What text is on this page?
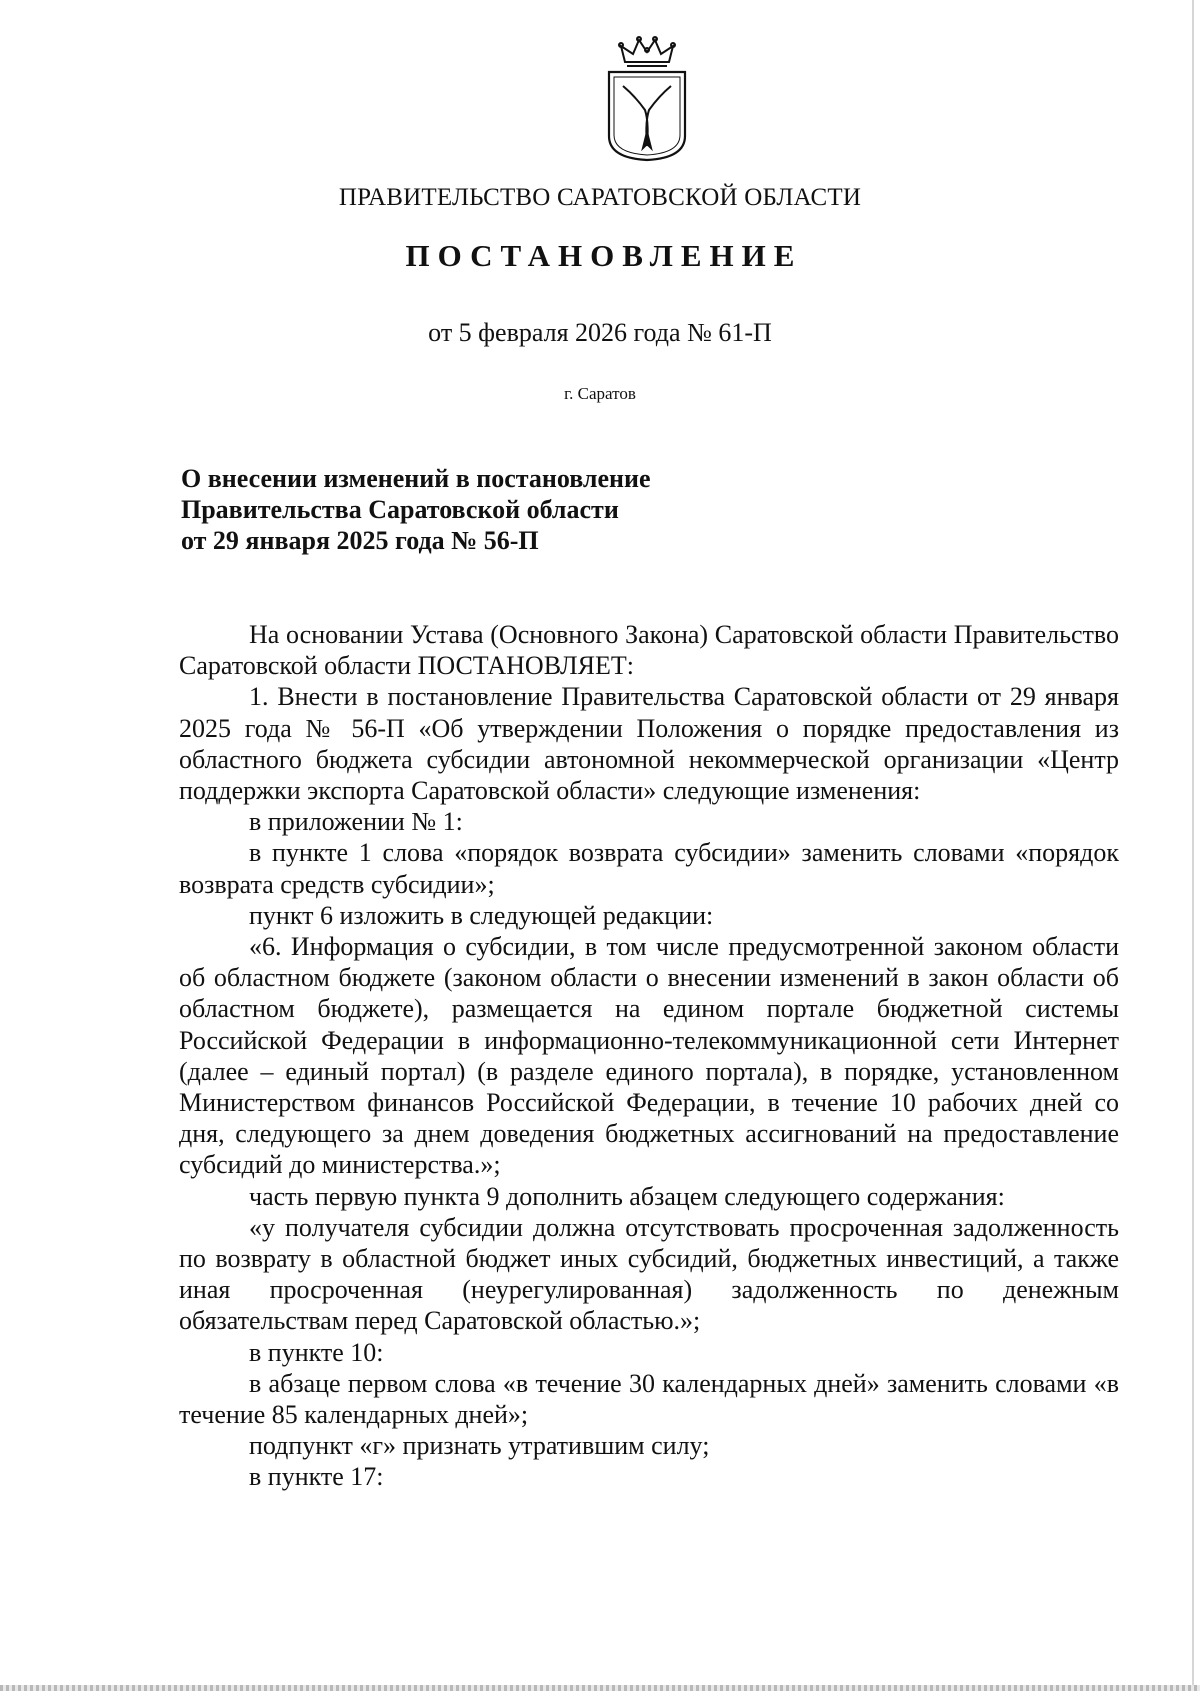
ПРАВИТЕЛЬСТВО САРАТОВСКОЙ ОБЛАСТИ
ПОСТАНОВЛЕНИЕ
от 5 февраля 2026 года № 61-П
г. Саратов
О внесении изменений в постановление
Правительства Саратовской области
от 29 января 2025 года № 56-П

На основании Устава (Основного Закона) Саратовской области Правительство Саратовской области ПОСТАНОВЛЯЕТ:

1. Внести в постановление Правительства Саратовской области от 29 января 2025 года № 56-П «Об утверждении Положения о порядке предоставления из областного бюджета субсидии автономной некоммерческой организации «Центр поддержки экспорта Саратовской области» следующие изменения:

в приложении № 1:

в пункте 1 слова «порядок возврата субсидии» заменить словами «порядок возврата средств субсидии»;

пункт 6 изложить в следующей редакции:

«6. Информация о субсидии, в том числе предусмотренной законом области об областном бюджете (законом области о внесении изменений в закон области об областном бюджете), размещается на едином портале бюджетной системы Российской Федерации в информационно-телекоммуникационной сети Интернет (далее – единый портал) (в разделе единого портала), в порядке, установленном Министерством финансов Российской Федерации, в течение 10 рабочих дней со дня, следующего за днем доведения бюджетных ассигнований на предоставление субсидий до министерства.»;

часть первую пункта 9 дополнить абзацем следующего содержания:

«у получателя субсидии должна отсутствовать просроченная задолженность по возврату в областной бюджет иных субсидий, бюджетных инвестиций, а также иная просроченная (неурегулированная) задолженность по денежным обязательствам перед Саратовской областью.»;

в пункте 10:

в абзаце первом слова «в течение 30 календарных дней» заменить словами «в течение 85 календарных дней»;

подпункт «г» признать утратившим силу;

в пункте 17:
